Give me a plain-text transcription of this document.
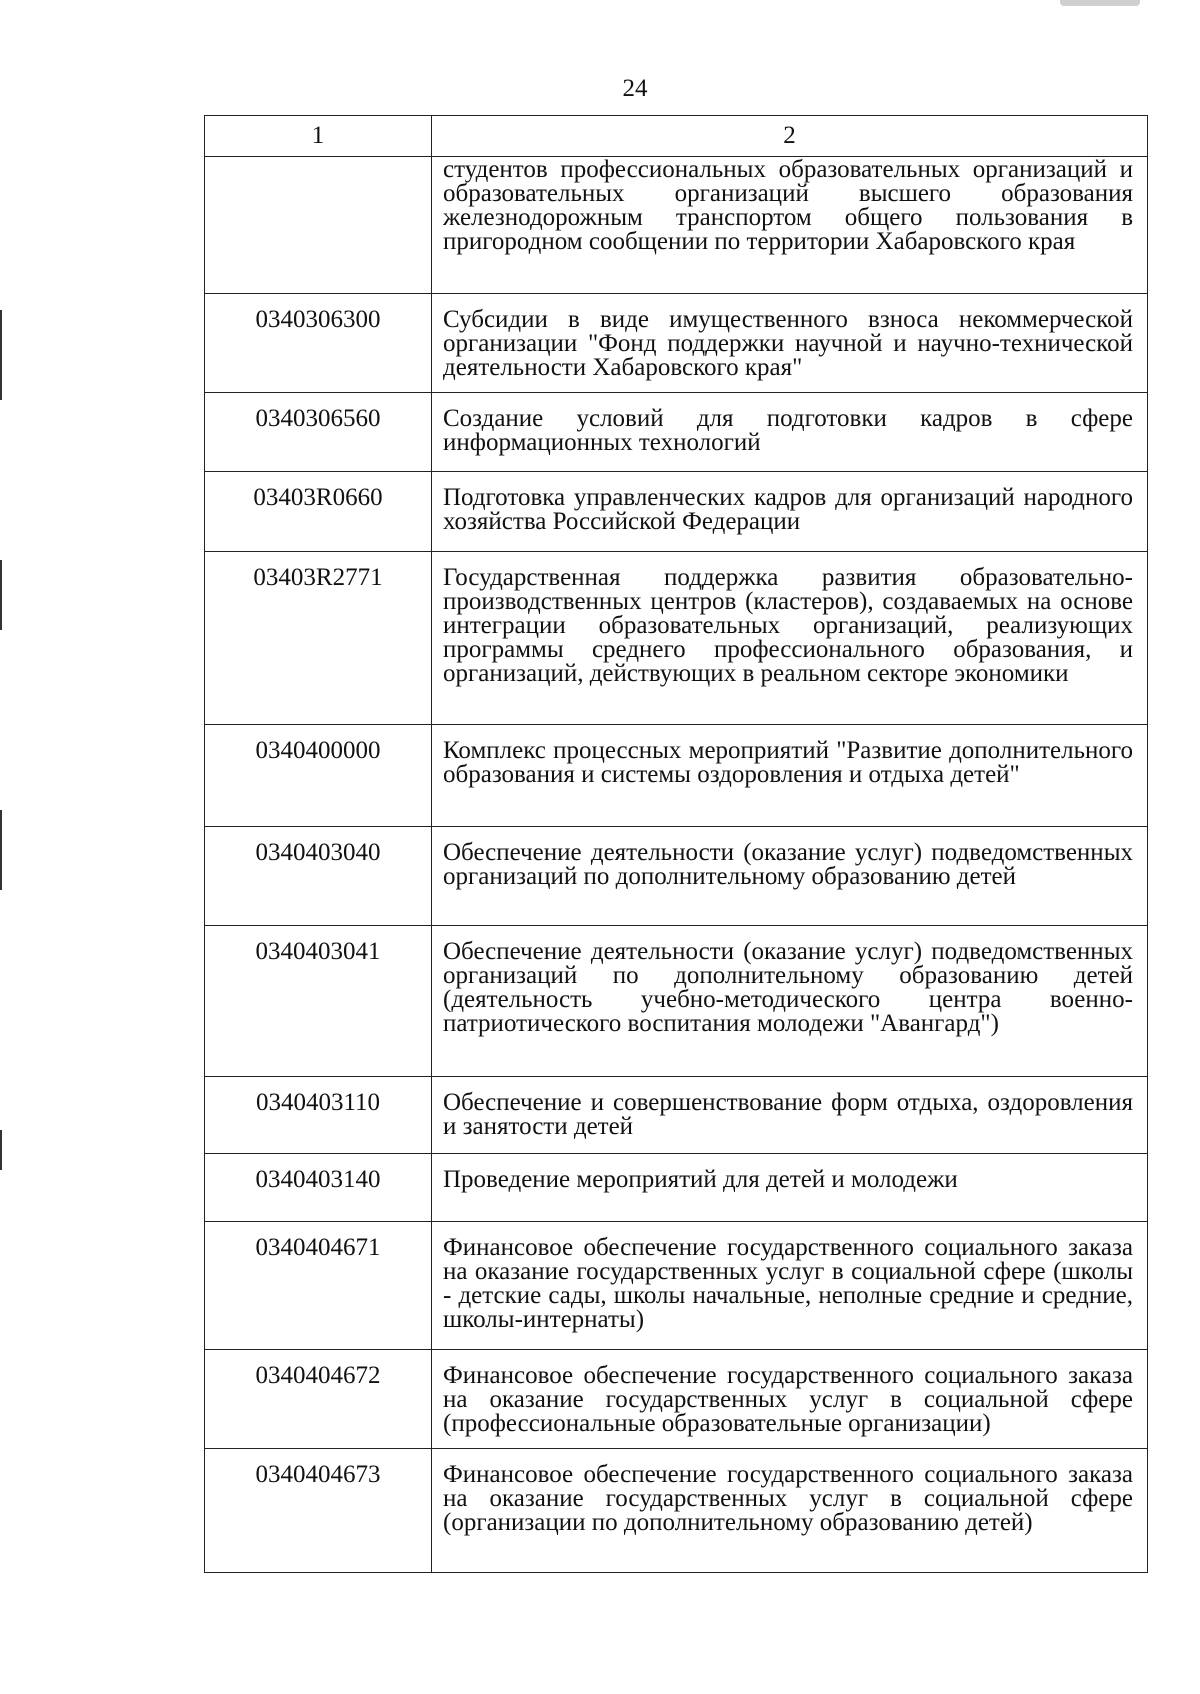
24
1	2
	студентов профессиональных образовательных организаций и образовательных организаций высшего образования железнодорожным транспортом общего пользования в пригородном сообщении по территории Хабаровского края
0340306300	Субсидии в виде имущественного взноса некоммерческой организации "Фонд поддержки научной и научно-технической деятельности Хабаровского края"
0340306560	Создание условий для подготовки кадров в сфере информационных технологий
03403R0660	Подготовка управленческих кадров для организаций народного хозяйства Российской Федерации
03403R2771	Государственная поддержка развития образовательно-производственных центров (кластеров), создаваемых на основе интеграции образовательных организаций, реализующих программы среднего профессионального образования, и организаций, действующих в реальном секторе экономики
0340400000	Комплекс процессных мероприятий "Развитие дополнительного образования и системы оздоровления и отдыха детей"
0340403040	Обеспечение деятельности (оказание услуг) подведомственных организаций по дополнительному образованию детей
0340403041	Обеспечение деятельности (оказание услуг) подведомственных организаций по дополнительному образованию детей (деятельность учебно-методического центра военно-патриотического воспитания молодежи "Авангард")
0340403110	Обеспечение и совершенствование форм отдыха, оздоровления и занятости детей
0340403140	Проведение мероприятий для детей и молодежи
0340404671	Финансовое обеспечение государственного социального заказа на оказание государственных услуг в социальной сфере (школы - детские сады, школы начальные, неполные средние и средние, школы-интернаты)
0340404672	Финансовое обеспечение государственного социального заказа на оказание государственных услуг в социальной сфере (профессиональные образовательные организации)
0340404673	Финансовое обеспечение государственного социального заказа на оказание государственных услуг в социальной сфере (организации по дополнительному образованию детей)
